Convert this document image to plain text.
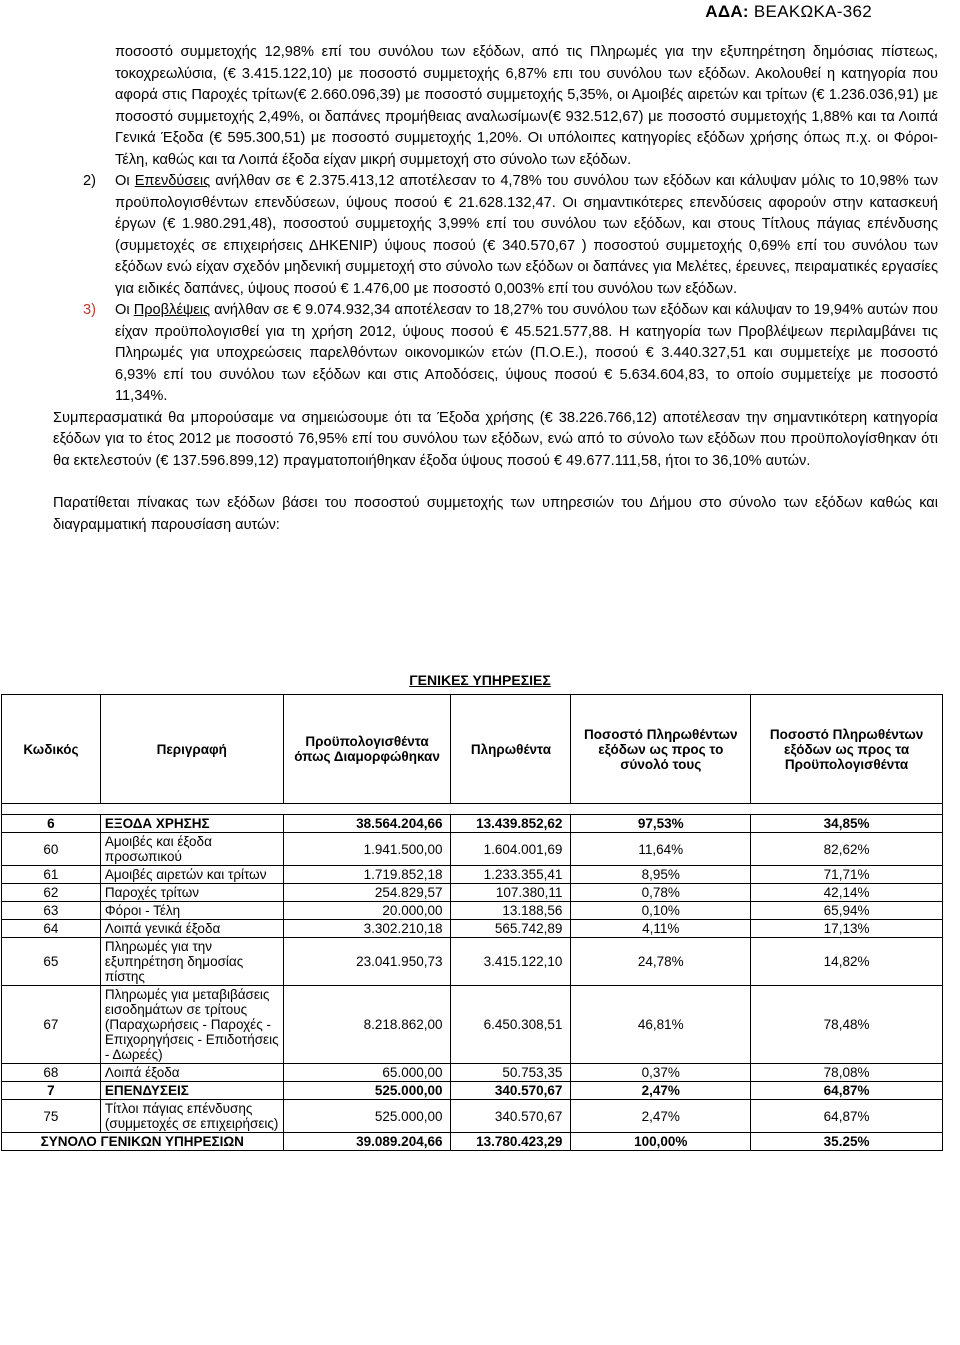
ΑΔΑ: ΒΕΑΚΩΚΑ-362

ποσοστό συμμετοχής 12,98% επί του συνόλου των εξόδων, από τις Πληρωμές για την εξυπηρέτηση δημόσιας πίστεως, τοκοχρεωλύσια, (€ 3.415.122,10) με ποσοστό συμμετοχής 6,87% επι του συνόλου των εξόδων. Ακολουθεί η κατηγορία που αφορά στις Παροχές τρίτων(€ 2.660.096,39) με ποσοστό συμμετοχής 5,35%, οι Αμοιβές αιρετών και τρίτων (€ 1.236.036,91) με ποσοστό συμμετοχής 2,49%, οι δαπάνες προμήθειας αναλωσίμων(€ 932.512,67) με ποσοστό συμμετοχής 1,88% και τα Λοιπά Γενικά Έξοδα (€ 595.300,51) με ποσοστό συμμετοχής 1,20%. Οι υπόλοιπες κατηγορίες εξόδων χρήσης όπως π.χ. οι Φόροι-Τέλη, καθώς και τα Λοιπά έξοδα είχαν μικρή συμμετοχή στο σύνολο των εξόδων.

2)	Οι Επενδύσεις ανήλθαν σε € 2.375.413,12 αποτέλεσαν το 4,78% του συνόλου των εξόδων και κάλυψαν μόλις το 10,98% των προϋπολογισθέντων επενδύσεων, ύψους ποσού € 21.628.132,47. Οι σημαντικότερες επενδύσεις αφορούν στην κατασκευή έργων (€ 1.980.291,48), ποσοστού συμμετοχής 3,99% επί του συνόλου των εξόδων, και στους Τίτλους πάγιας επένδυσης (συμμετοχές σε επιχειρήσεις ΔΗΚΕΝΙΡ) ύψους ποσού (€ 340.570,67 ) ποσοστού συμμετοχής 0,69% επί του συνόλου των εξόδων ενώ είχαν σχεδόν μηδενική συμμετοχή στο σύνολο των εξόδων οι δαπάνες για Μελέτες, έρευνες, πειραματικές εργασίες για ειδικές δαπάνες, ύψους ποσού € 1.476,00 με ποσοστό 0,003% επί του συνόλου των εξόδων.

3)	Οι Προβλέψεις ανήλθαν σε € 9.074.932,34 αποτέλεσαν το 18,27% του συνόλου των εξόδων και κάλυψαν το 19,94% αυτών που είχαν προϋπολογισθεί για τη χρήση 2012, ύψους ποσού € 45.521.577,88. Η κατηγορία των Προβλέψεων περιλαμβάνει τις Πληρωμές για υποχρεώσεις παρελθόντων οικονομικών ετών (Π.Ο.Ε.), ποσού € 3.440.327,51 και συμμετείχε με ποσοστό 6,93% επί του συνόλου των εξόδων και στις Αποδόσεις, ύψους ποσού € 5.634.604,83, το οποίο συμμετείχε με ποσοστό 11,34%.

Συμπερασματικά θα μπορούσαμε να σημειώσουμε ότι τα Έξοδα χρήσης (€ 38.226.766,12) αποτέλεσαν την σημαντικότερη κατηγορία εξόδων για το έτος 2012 με ποσοστό 76,95% επί του συνόλου των εξόδων, ενώ από το σύνολο των εξόδων που προϋπολογίσθηκαν ότι θα εκτελεστούν (€ 137.596.899,12) πραγματοποιήθηκαν έξοδα ύψους ποσού € 49.677.111,58, ήτοι το 36,10% αυτών.

Παρατίθεται πίνακας των εξόδων βάσει του ποσοστού συμμετοχής των υπηρεσιών του Δήμου στο σύνολο των εξόδων καθώς και διαγραμματική παρουσίαση αυτών:

ΓΕΝΙΚΕΣ ΥΠΗΡΕΣΙΕΣ
Κωδικός	Περιγραφή	Προϋπολογισθέντα όπως Διαμορφώθηκαν	Πληρωθέντα	Ποσοστό Πληρωθέντων εξόδων ως προς το σύνολό τους	Ποσοστό Πληρωθέντων εξόδων ως προς τα Προϋπολογισθέντα

6	ΕΞΟΔΑ ΧΡΗΣΗΣ	38.564.204,66	13.439.852,62	97,53%	34,85%
60	Αμοιβές και έξοδα προσωπικού	1.941.500,00	1.604.001,69	11,64%	82,62%
61	Αμοιβές αιρετών και τρίτων	1.719.852,18	1.233.355,41	8,95%	71,71%
62	Παροχές τρίτων	254.829,57	107.380,11	0,78%	42,14%
63	Φόροι - Τέλη	20.000,00	13.188,56	0,10%	65,94%
64	Λοιπά γενικά έξοδα	3.302.210,18	565.742,89	4,11%	17,13%
65	Πληρωμές για την εξυπηρέτηση δημοσίας πίστης	23.041.950,73	3.415.122,10	24,78%	14,82%
67	Πληρωμές για μεταβιβάσεις εισοδημάτων σε τρίτους (Παραχωρήσεις - Παροχές - Επιχορηγήσεις - Επιδοτήσεις - Δωρεές)	8.218.862,00	6.450.308,51	46,81%	78,48%
68	Λοιπά έξοδα	65.000,00	50.753,35	0,37%	78,08%
7	ΕΠΕΝΔΥΣΕΙΣ	525.000,00	340.570,67	2,47%	64,87%
75	Τίτλοι πάγιας επένδυσης (συμμετοχές σε επιχειρήσεις)	525.000,00	340.570,67	2,47%	64,87%
ΣΥΝΟΛΟ ΓΕΝΙΚΩΝ ΥΠΗΡΕΣΙΩΝ		39.089.204,66	13.780.423,29	100,00%	35.25%
